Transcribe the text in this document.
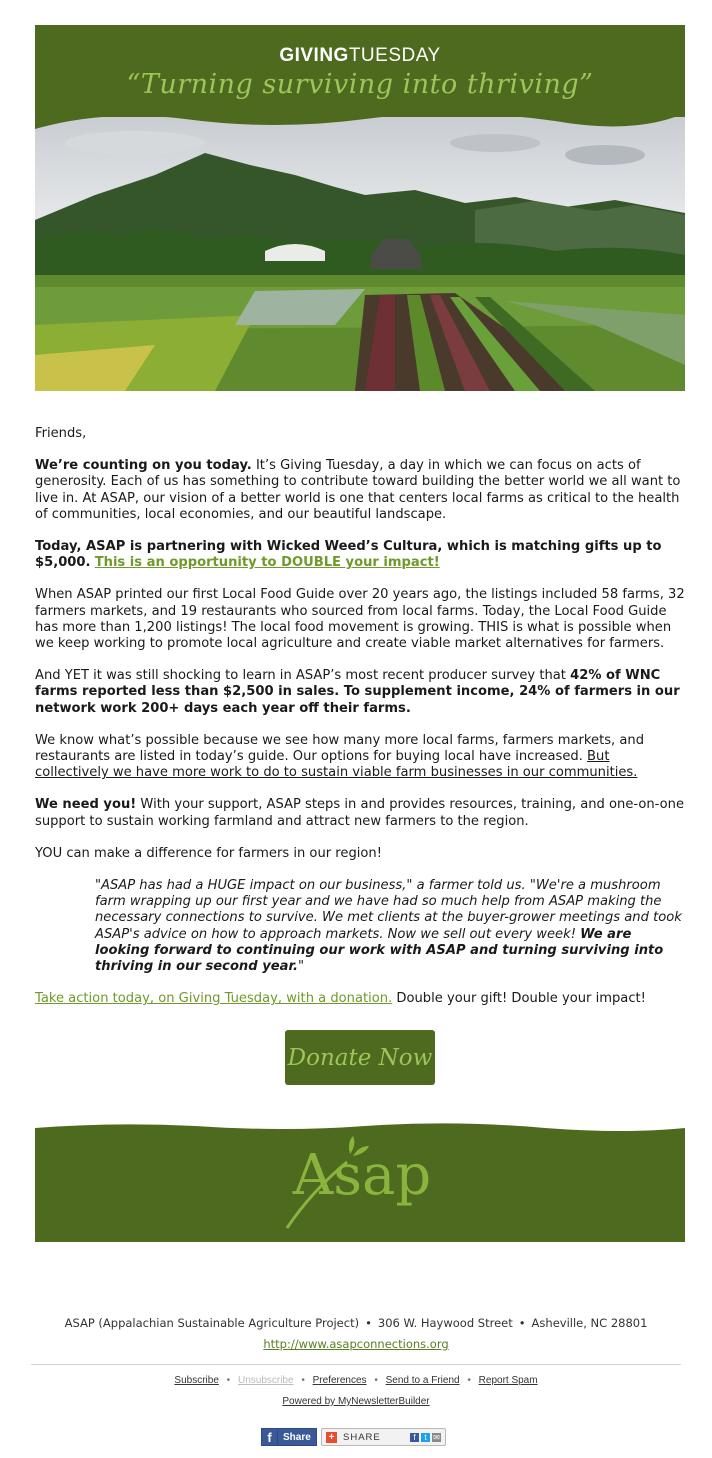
GIVINGTUESDAY
“Turning surviving into thriving”

Friends,

We’re counting on you today. It’s Giving Tuesday, a day in which we can focus on acts of generosity. Each of us has something to contribute toward building the better world we all want to live in. At ASAP, our vision of a better world is one that centers local farms as critical to the health of communities, local economies, and our beautiful landscape.

Today, ASAP is partnering with Wicked Weed’s Cultura, which is matching gifts up to $5,000. This is an opportunity to DOUBLE your impact!

When ASAP printed our first Local Food Guide over 20 years ago, the listings included 58 farms, 32 farmers markets, and 19 restaurants who sourced from local farms. Today, the Local Food Guide has more than 1,200 listings! The local food movement is growing. THIS is what is possible when we keep working to promote local agriculture and create viable market alternatives for farmers.

And YET it was still shocking to learn in ASAP’s most recent producer survey that 42% of WNC farms reported less than $2,500 in sales. To supplement income, 24% of farmers in our network work 200+ days each year off their farms.

We know what’s possible because we see how many more local farms, farmers markets, and restaurants are listed in today’s guide. Our options for buying local have increased. But collectively we have more work to do to sustain viable farm businesses in our communities.

We need you! With your support, ASAP steps in and provides resources, training, and one-on-one support to sustain working farmland and attract new farmers to the region.

YOU can make a difference for farmers in our region!

"ASAP has had a HUGE impact on our business," a farmer told us. "We're a mushroom farm wrapping up our first year and we have had so much help from ASAP making the necessary connections to survive. We met clients at the buyer-grower meetings and took ASAP's advice on how to approach markets. Now we sell out every week! We are looking forward to continuing our work with ASAP and turning surviving into thriving in our second year."

Take action today, on Giving Tuesday, with a donation. Double your gift! Double your impact!

Donate Now
Asap
ASAP (Appalachian Sustainable Agriculture Project) • 306 W. Haywood Street • Asheville, NC 28801
http://www.asapconnections.org
Subscribe • Unsubscribe • Preferences • Send to a Friend • Report Spam
Powered by MyNewsletterBuilder
f	Share + SHARE	f	t ✉
